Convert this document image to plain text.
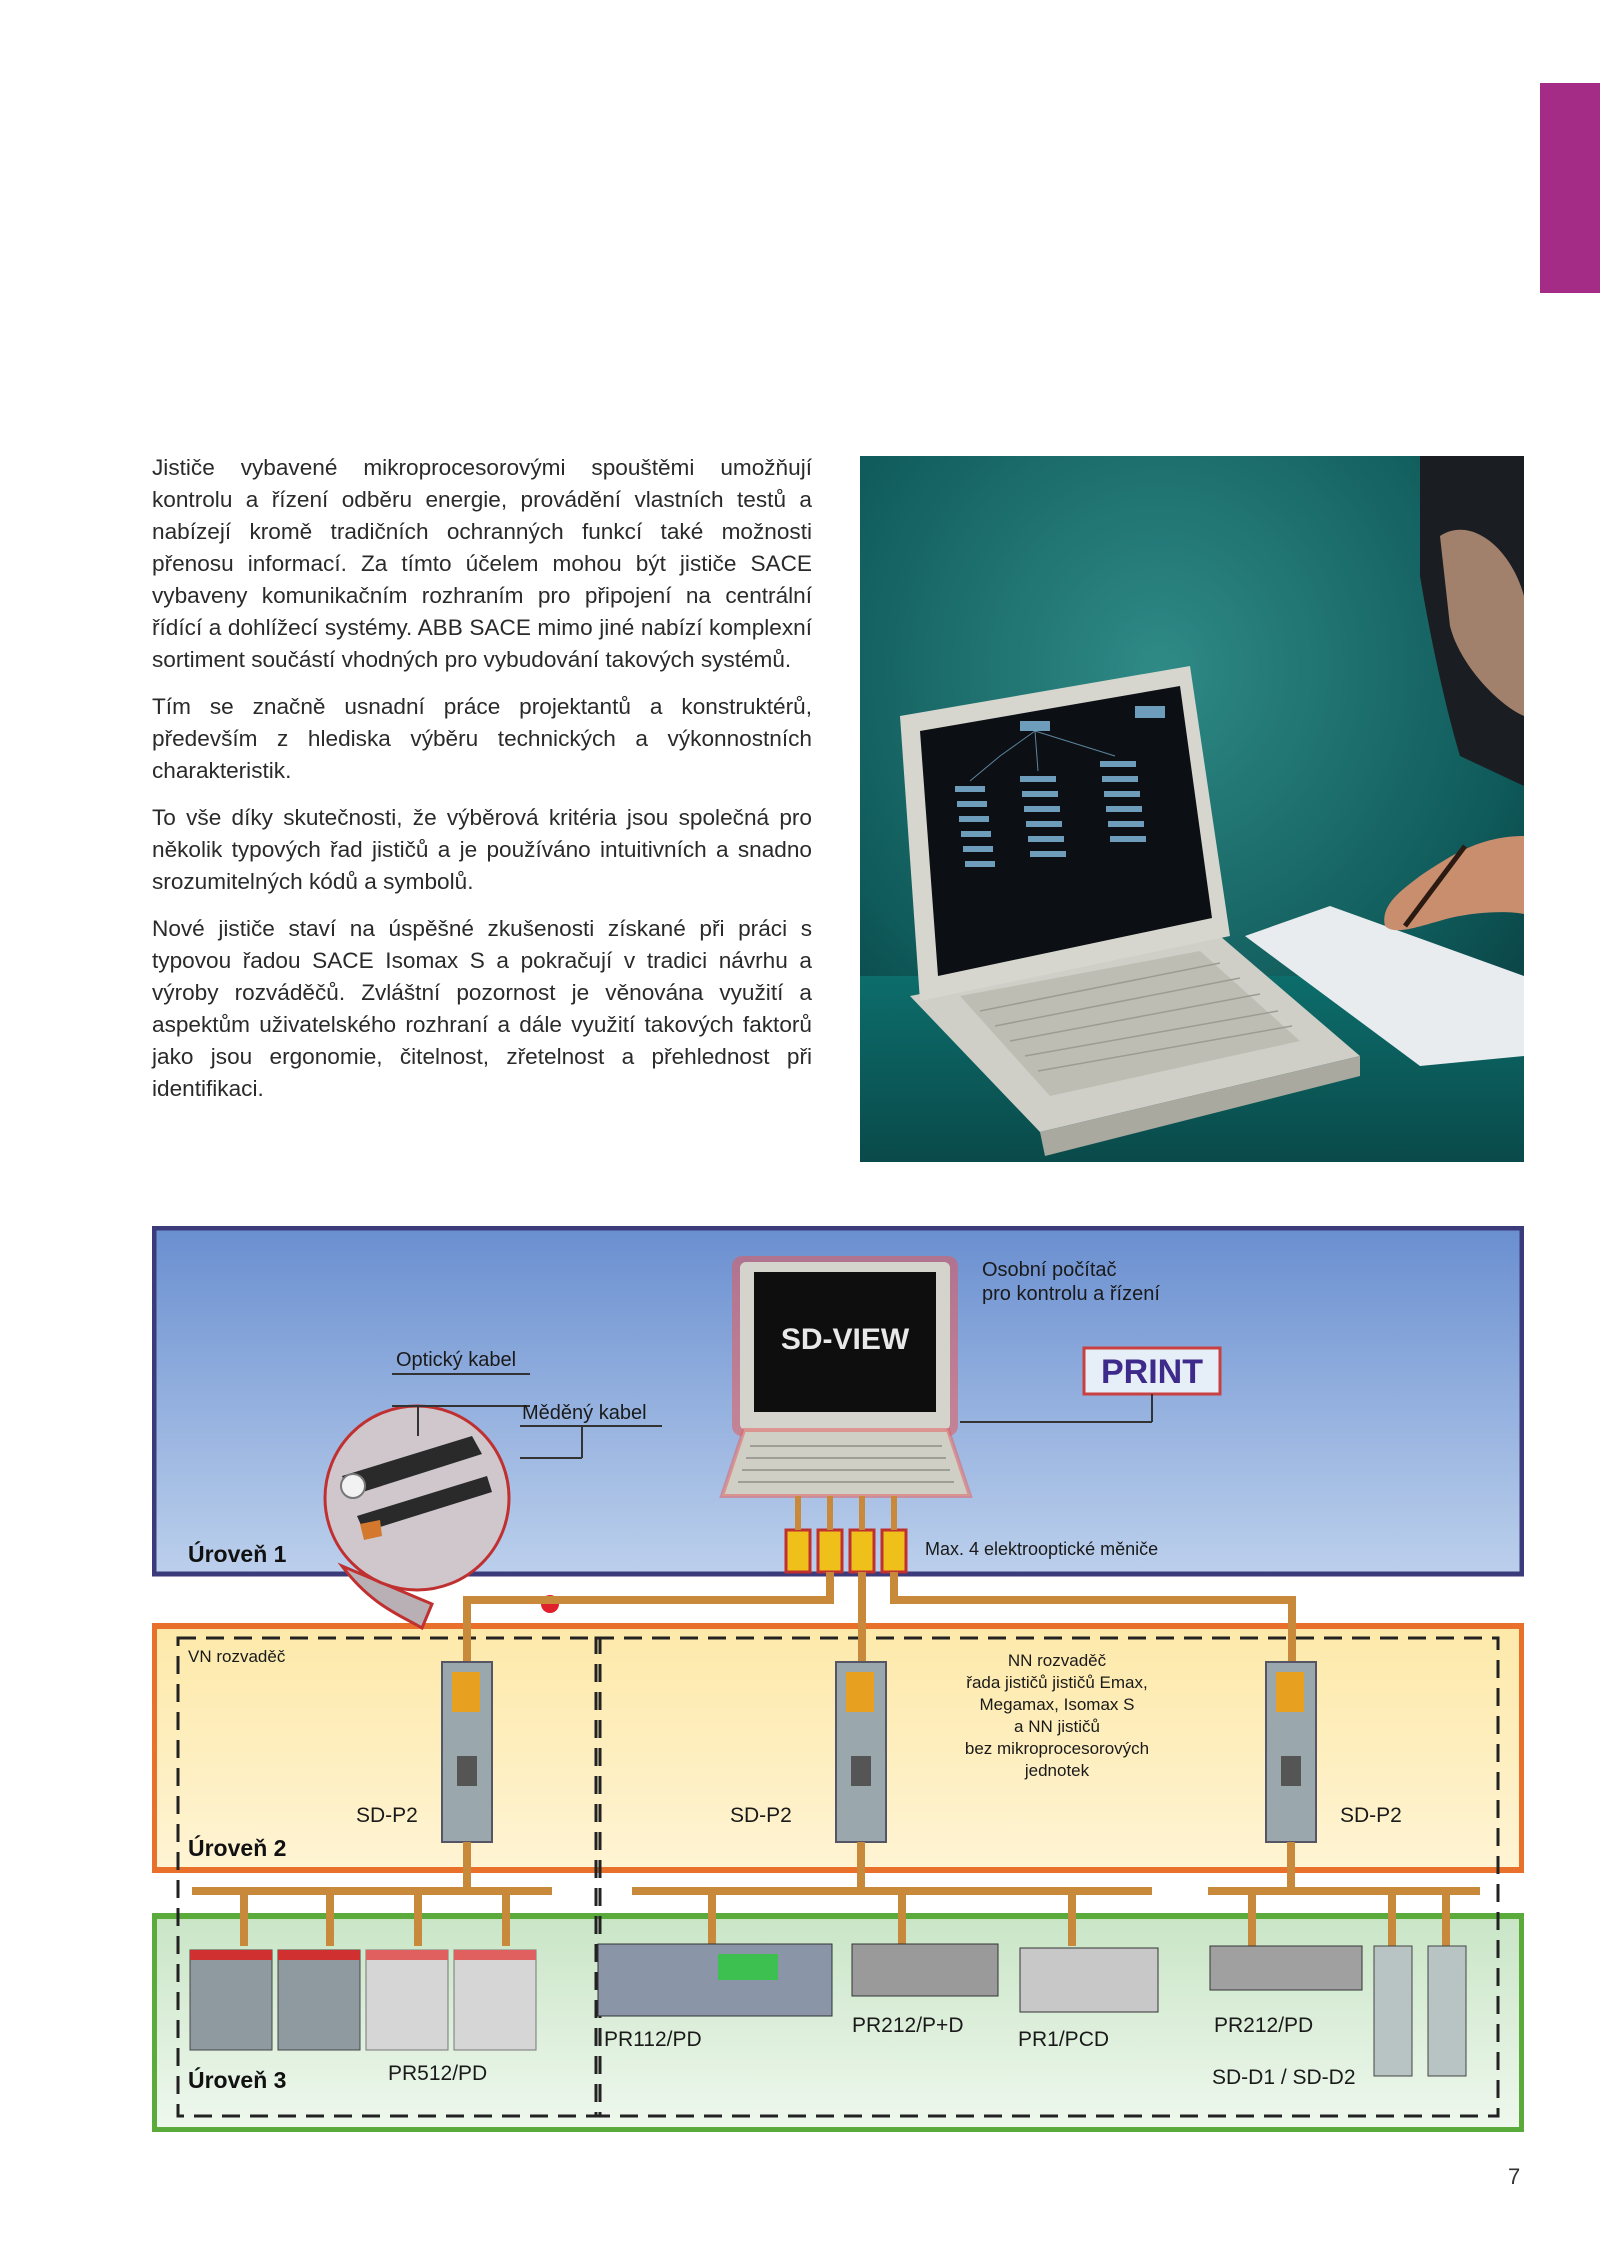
Jističe vybavené mikroprocesorovými spouštěmi umožňují kontrolu a řízení odběru energie, provádění vlastních testů a nabízejí kromě tradičních ochranných funkcí také možnosti přenosu informací. Za tímto účelem mohou být jističe SACE vybaveny komunikačním rozhraním pro připojení na centrální řídící a dohlížecí systémy. ABB SACE mimo jiné nabízí komplexní sortiment součástí vhodných pro vybudování takových systémů.

Tím se značně usnadní práce projektantů a konstruktérů, především z hlediska výběru technických a výkonnostních charakteristik.

To vše díky skutečnosti, že výběrová kritéria jsou společná pro několik typových řad jističů a je používáno intuitivních a snadno srozumitelných kódů a symbolů.

Nové jističe staví na úspěšné zkušenosti získané při práci s typovou řadou SACE Isomax S a pokračují v tradici návrhu a výroby rozváděčů. Zvláštní pozornost je věnována využití a aspektům uživatelského rozhraní a dále využití takových faktorů jako jsou ergonomie, čitelnost, zřetelnost a přehlednost při identifikaci.

SD-VIEW
PRINT
Osobní počítač
pro kontrolu a řízení
Optický kabel
Měděný kabel
Max. 4 elektrooptické měniče
SD-P2	SD-P2	SD-P2
VN rozvaděč	NN rozvaděč
řada jističů jističů Emax,
Megamax, Isomax S
a NN jističů
bez mikroprocesorových
jednotek
PR512/PD
PR112/PD
PR212/P+D
PR1/PCD
PR212/PD
SD-D1 / SD-D2
Úroveň 1
Úroveň 2
Úroveň 3
7
